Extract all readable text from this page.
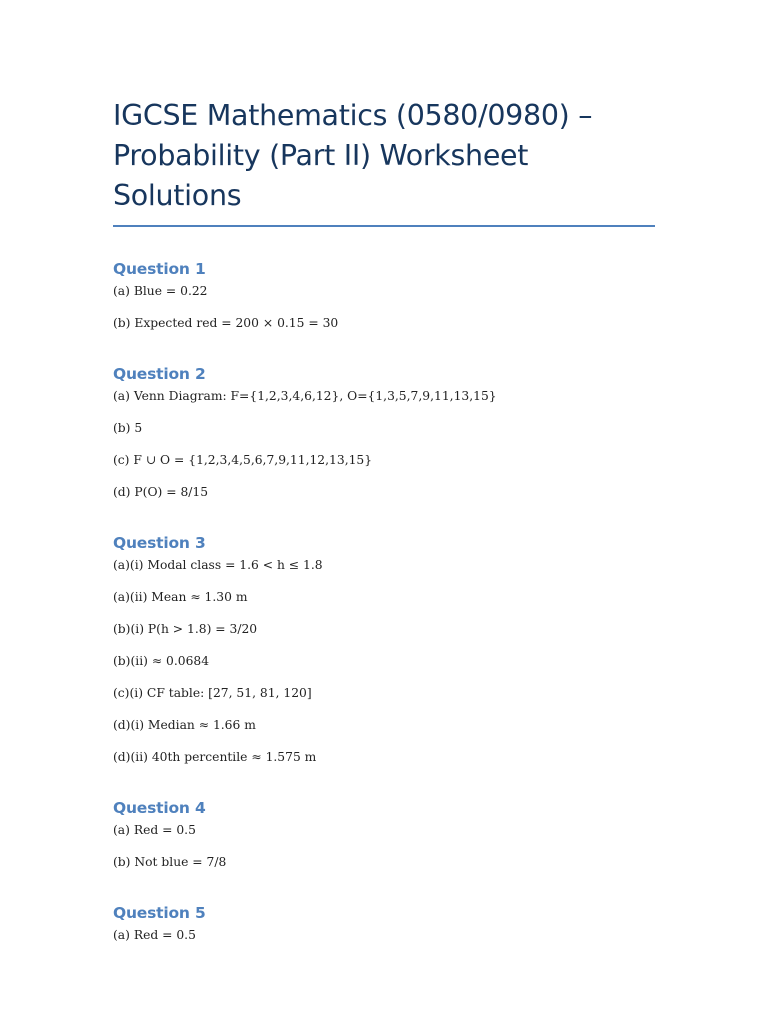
IGCSE Mathematics (0580/0980) –
Probability (Part II) Worksheet Solutions
Question 1

(a) Blue = 0.22

(b) Expected red = 200 × 0.15 = 30

Question 2

(a) Venn Diagram: F={1,2,3,4,6,12}, O={1,3,5,7,9,11,13,15}

(b) 5

(c) F ∪ O = {1,2,3,4,5,6,7,9,11,12,13,15}

(d) P(O) = 8/15

Question 3

(a)(i) Modal class = 1.6 < h ≤ 1.8

(a)(ii) Mean ≈ 1.30 m

(b)(i) P(h > 1.8) = 3/20

(b)(ii) ≈ 0.0684

(c)(i) CF table: [27, 51, 81, 120]

(d)(i) Median ≈ 1.66 m

(d)(ii) 40th percentile ≈ 1.575 m

Question 4

(a) Red = 0.5

(b) Not blue = 7/8

Question 5

(a) Red = 0.5
